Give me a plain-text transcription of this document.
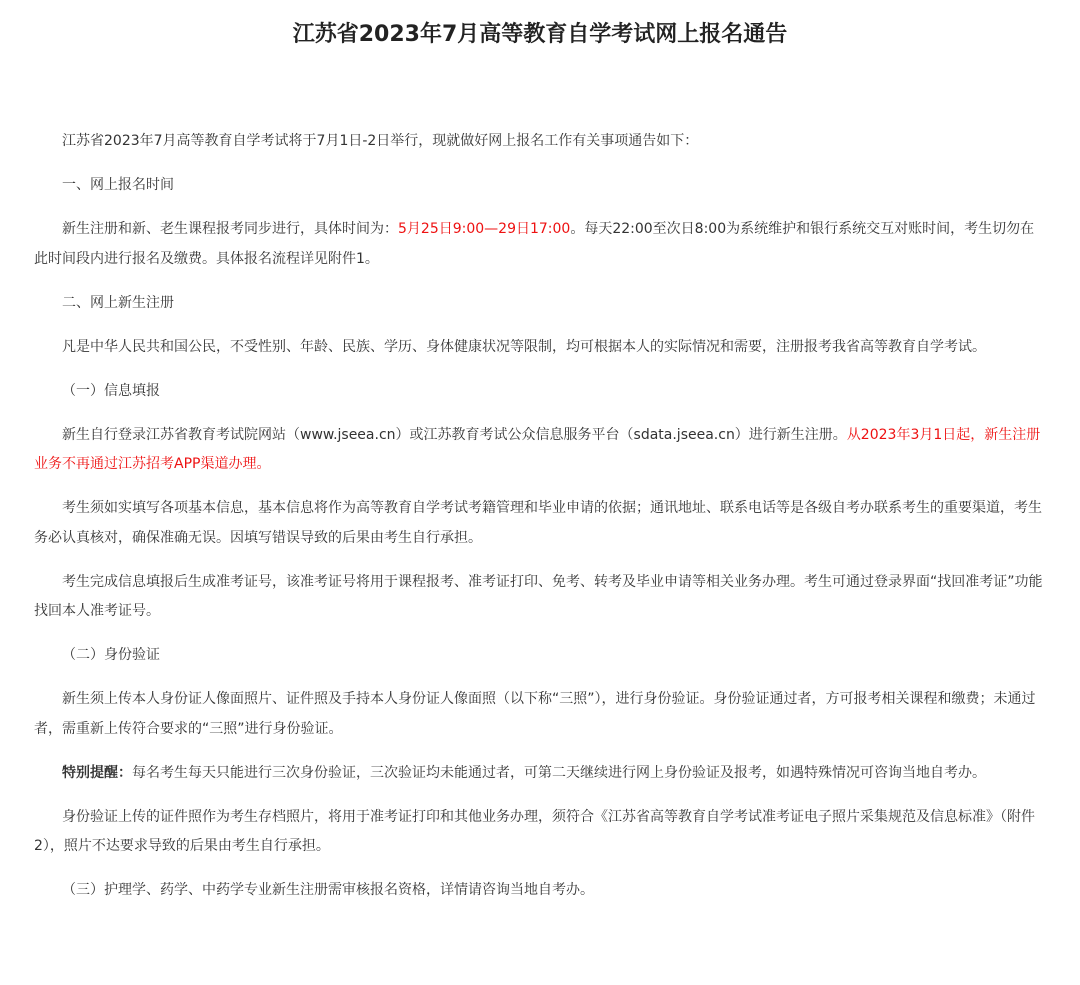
江苏省2023年7月高等教育自学考试网上报名通告

江苏省2023年7月高等教育自学考试将于7月1日-2日举行，现就做好网上报名工作有关事项通告如下：

一、网上报名时间

新生注册和新、老生课程报考同步进行，具体时间为：5月25日9:00—29日17:00。每天22:00至次日8:00为系统维护和银行系统交互对账时间，考生切勿在此时间段内进行报名及缴费。具体报名流程详见附件1。

二、网上新生注册

凡是中华人民共和国公民，不受性别、年龄、民族、学历、身体健康状况等限制，均可根据本人的实际情况和需要，注册报考我省高等教育自学考试。

（一）信息填报

新生自行登录江苏省教育考试院网站（www.jseea.cn）或江苏教育考试公众信息服务平台（sdata.jseea.cn）进行新生注册。从2023年3月1日起，新生注册业务不再通过江苏招考APP渠道办理。

考生须如实填写各项基本信息，基本信息将作为高等教育自学考试考籍管理和毕业申请的依据；通讯地址、联系电话等是各级自考办联系考生的重要渠道，考生务必认真核对，确保准确无误。因填写错误导致的后果由考生自行承担。

考生完成信息填报后生成准考证号，该准考证号将用于课程报考、准考证打印、免考、转考及毕业申请等相关业务办理。考生可通过登录界面“找回准考证”功能找回本人准考证号。

（二）身份验证

新生须上传本人身份证人像面照片、证件照及手持本人身份证人像面照（以下称“三照”），进行身份验证。身份验证通过者，方可报考相关课程和缴费；未通过者，需重新上传符合要求的“三照”进行身份验证。

特别提醒：每名考生每天只能进行三次身份验证，三次验证均未能通过者，可第二天继续进行网上身份验证及报考，如遇特殊情况可咨询当地自考办。

身份验证上传的证件照作为考生存档照片，将用于准考证打印和其他业务办理，须符合《江苏省高等教育自学考试准考证电子照片采集规范及信息标准》（附件2），照片不达要求导致的后果由考生自行承担。

（三）护理学、药学、中药学专业新生注册需审核报名资格，详情请咨询当地自考办。
